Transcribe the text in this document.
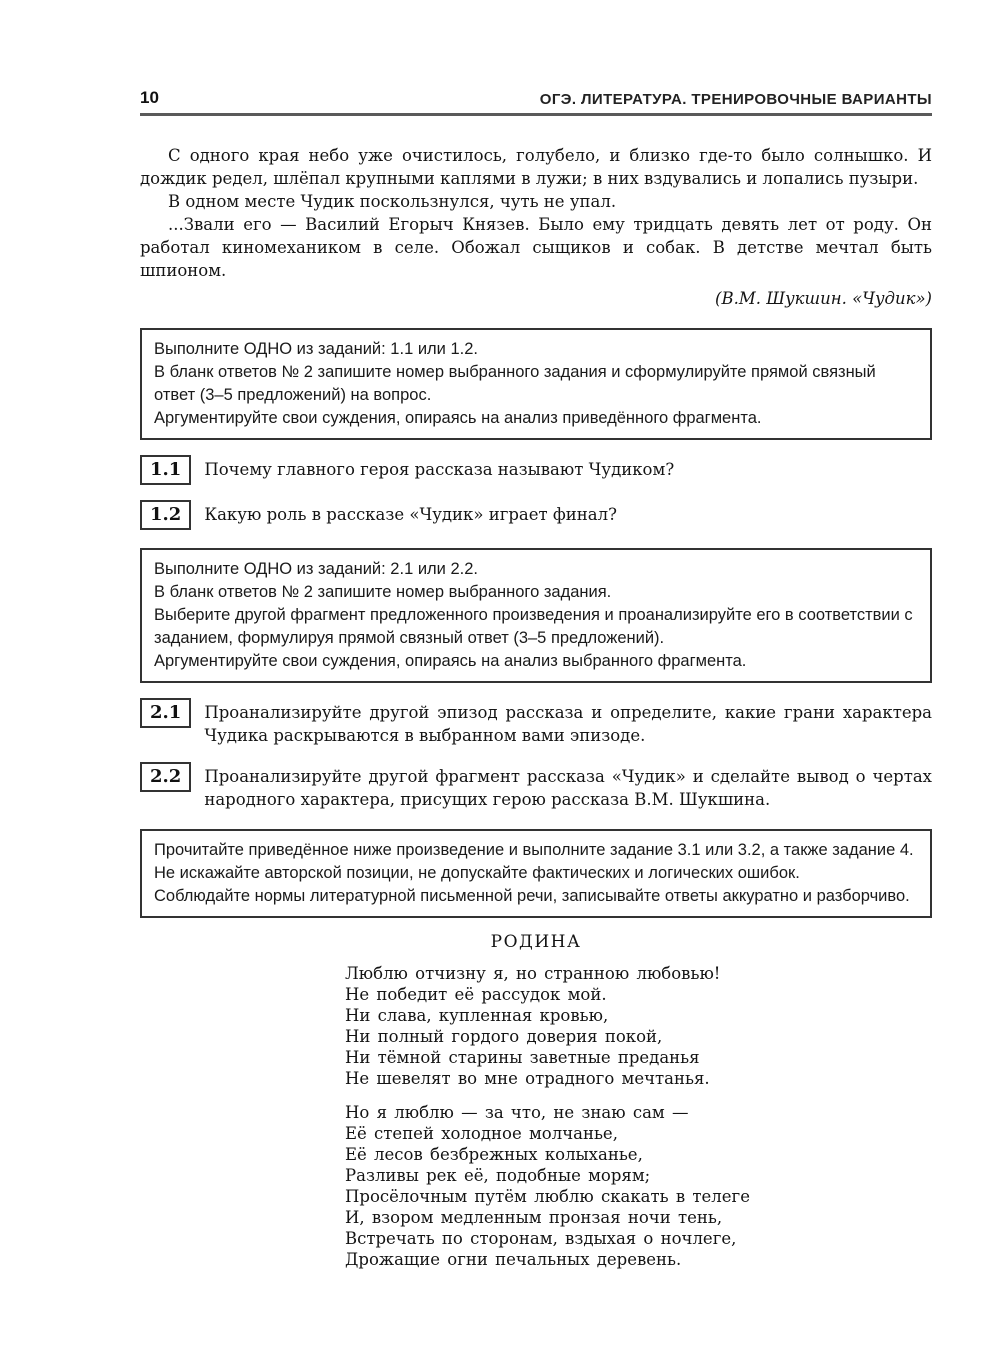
10	ОГЭ. ЛИТЕРАТУРА. ТРЕНИРОВОЧНЫЕ ВАРИАНТЫ

С одного края небо уже очистилось, голубело, и близко где-то было солнышко. И дождик редел, шлёпал крупными каплями в лужи; в них вздувались и лопались пузыри.

В одном месте Чудик поскользнулся, чуть не упал.

...Звали его — Василий Егорыч Князев. Было ему тридцать девять лет от роду. Он работал киномехаником в селе. Обожал сыщиков и собак. В детстве мечтал быть шпионом.

(В.М. Шукшин. «Чудик»)

Выполните ОДНО из заданий: 1.1 или 1.2.

В бланк ответов № 2 запишите номер выбранного задания и сформулируйте прямой связный ответ (3–5 предложений) на вопрос.

Аргументируйте свои суждения, опираясь на анализ приведённого фрагмента.

1.1	Почему главного героя рассказа называют Чудиком?

1.2	Какую роль в рассказе «Чудик» играет финал?

Выполните ОДНО из заданий: 2.1 или 2.2.

В бланк ответов № 2 запишите номер выбранного задания.

Выберите другой фрагмент предложенного произведения и проанализируйте его в соответствии с заданием, формулируя прямой связный ответ (3–5 предложений).

Аргументируйте свои суждения, опираясь на анализ выбранного фрагмента.

2.1	Проанализируйте другой эпизод рассказа и определите, какие грани характера Чудика раскрываются в выбранном вами эпизоде.

2.2	Проанализируйте другой фрагмент рассказа «Чудик» и сделайте вывод о чертах народного характера, присущих герою рассказа В.М. Шукшина.

Прочитайте приведённое ниже произведение и выполните задание 3.1 или 3.2, а также задание 4.

Не искажайте авторской позиции, не допускайте фактических и логических ошибок.

Соблюдайте нормы литературной письменной речи, записывайте ответы аккуратно и разборчиво.

РОДИНА

Люблю отчизну я, но странною любовью!

Не победит её рассудок мой.

Ни слава, купленная кровью,

Ни полный гордого доверия покой,

Ни тёмной старины заветные преданья

Не шевелят во мне отрадного мечтанья.

Но я люблю — за что, не знаю сам —

Её степей холодное молчанье,

Её лесов безбрежных колыханье,

Разливы рек её, подобные морям;

Просёлочным путём люблю скакать в телеге

И, взором медленным пронзая ночи тень,

Встречать по сторонам, вздыхая о ночлеге,

Дрожащие огни печальных деревень.
